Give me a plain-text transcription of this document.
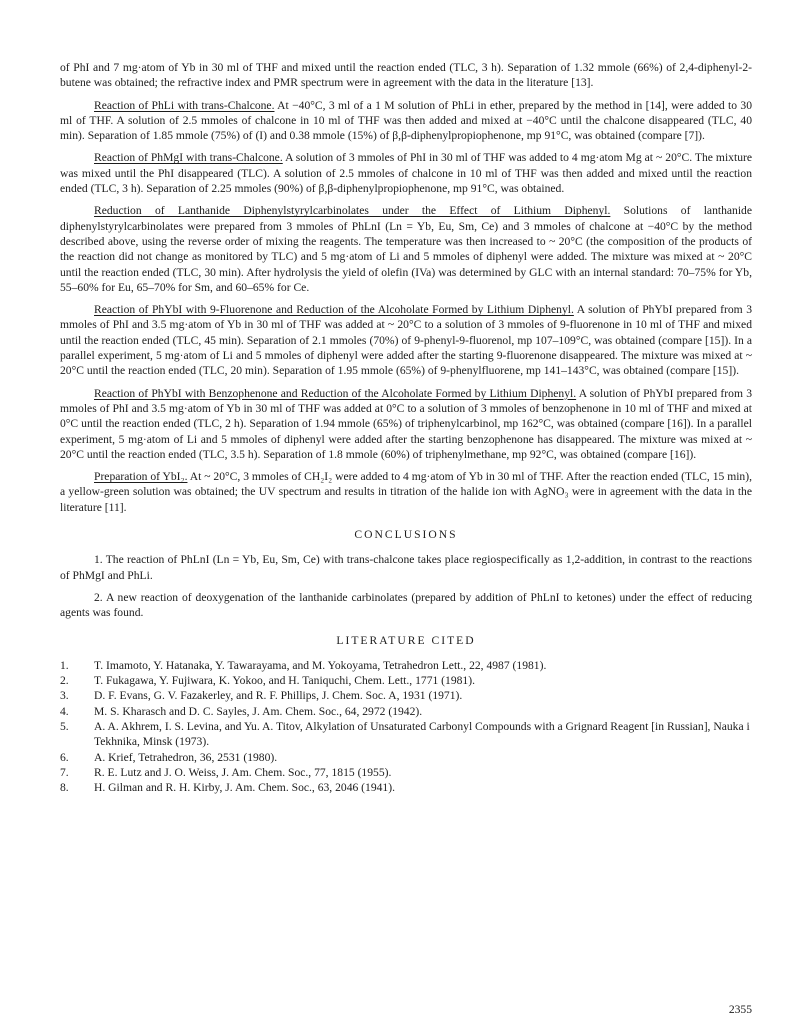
of PhI and 7 mg·atom of Yb in 30 ml of THF and mixed until the reaction ended (TLC, 3 h). Separation of 1.32 mmole (66%) of 2,4-diphenyl-2-butene was obtained; the refractive index and PMR spectrum were in agreement with the data in the literature [13].

Reaction of PhLi with trans-Chalcone. At −40°C, 3 ml of a 1 M solution of PhLi in ether, prepared by the method in [14], were added to 30 ml of THF. A solution of 2.5 mmoles of chalcone in 10 ml of THF was then added and mixed at −40°C until the chalcone disappeared (TLC, 40 min). Separation of 1.85 mmole (75%) of (I) and 0.38 mmole (15%) of β,β-diphenylpropiophenone, mp 91°C, was obtained (compare [7]).

Reaction of PhMgI with trans-Chalcone. A solution of 3 mmoles of PhI in 30 ml of THF was added to 4 mg·atom Mg at ~ 20°C. The mixture was mixed until the PhI disappeared (TLC). A solution of 2.5 mmoles of chalcone in 10 ml of THF was then added and mixed until the reaction ended (TLC, 3 h). Separation of 2.25 mmoles (90%) of β,β-diphenylpropiophenone, mp 91°C, was obtained.

Reduction of Lanthanide Diphenylstyrylcarbinolates under the Effect of Lithium Diphenyl. Solutions of lanthanide diphenylstyrylcarbinolates were prepared from 3 mmoles of PhLnI (Ln = Yb, Eu, Sm, Ce) and 3 mmoles of chalcone at −40°C by the method described above, using the reverse order of mixing the reagents. The temperature was then increased to ~ 20°C (the composition of the products of the reaction did not change as monitored by TLC) and 5 mg·atom of Li and 5 mmoles of diphenyl were added. The mixture was mixed at ~ 20°C until the reaction ended (TLC, 30 min). After hydrolysis the yield of olefin (IVa) was determined by GLC with an internal standard: 70–75% for Yb, 55–60% for Eu, 65–70% for Sm, and 60–65% for Ce.

Reaction of PhYbI with 9-Fluorenone and Reduction of the Alcoholate Formed by Lithium Diphenyl. A solution of PhYbI prepared from 3 mmoles of PhI and 3.5 mg·atom of Yb in 30 ml of THF was added at ~ 20°C to a solution of 3 mmoles of 9-fluorenone in 10 ml of THF and mixed until the reaction ended (TLC, 45 min). Separation of 2.1 mmoles (70%) of 9-phenyl-9-fluorenol, mp 107–109°C, was obtained (compare [15]). In a parallel experiment, 5 mg·atom of Li and 5 mmoles of diphenyl were added after the starting 9-fluorenone disappeared. The mixture was mixed at ~ 20°C until the reaction ended (TLC, 20 min). Separation of 1.95 mmole (65%) of 9-phenylfluorene, mp 141–143°C, was obtained (compare [15]).

Reaction of PhYbI with Benzophenone and Reduction of the Alcoholate Formed by Lithium Diphenyl. A solution of PhYbI prepared from 3 mmoles of PhI and 3.5 mg·atom of Yb in 30 ml of THF was added at 0°C to a solution of 3 mmoles of benzophenone in 10 ml of THF and mixed at 0°C until the reaction ended (TLC, 2 h). Separation of 1.94 mmole (65%) of triphenylcarbinol, mp 162°C, was obtained (compare [16]). In a parallel experiment, 5 mg·atom of Li and 5 mmoles of diphenyl were added after the starting benzophenone has disappeared. The mixture was mixed at ~ 20°C until the reaction ended (TLC, 3.5 h). Separation of 1.8 mmole (60%) of triphenylmethane, mp 92°C, was obtained (compare [16]).

Preparation of YbI₂. At ~ 20°C, 3 mmoles of CH₂I₂ were added to 4 mg·atom of Yb in 30 ml of THF. After the reaction ended (TLC, 15 min), a yellow-green solution was obtained; the UV spectrum and results in titration of the halide ion with AgNO₃ were in agreement with the data in the literature [11].

CONCLUSIONS

1. The reaction of PhLnI (Ln = Yb, Eu, Sm, Ce) with trans-chalcone takes place regiospecifically as 1,2-addition, in contrast to the reactions of PhMgI and PhLi.

2. A new reaction of deoxygenation of the lanthanide carbinolates (prepared by addition of PhLnI to ketones) under the effect of reducing agents was found.

LITERATURE CITED
1.	T. Imamoto, Y. Hatanaka, Y. Tawarayama, and M. Yokoyama, Tetrahedron Lett., 22, 4987 (1981).
2.	T. Fukagawa, Y. Fujiwara, K. Yokoo, and H. Taniquchi, Chem. Lett., 1771 (1981).
3.	D. F. Evans, G. V. Fazakerley, and R. F. Phillips, J. Chem. Soc. A, 1931 (1971).
4.	M. S. Kharasch and D. C. Sayles, J. Am. Chem. Soc., 64, 2972 (1942).
5.	A. A. Akhrem, I. S. Levina, and Yu. A. Titov, Alkylation of Unsaturated Carbonyl Compounds with a Grignard Reagent [in Russian], Nauka i Tekhnika, Minsk (1973).
6.	A. Krief, Tetrahedron, 36, 2531 (1980).
7.	R. E. Lutz and J. O. Weiss, J. Am. Chem. Soc., 77, 1815 (1955).
8.	H. Gilman and R. H. Kirby, J. Am. Chem. Soc., 63, 2046 (1941).
2355
